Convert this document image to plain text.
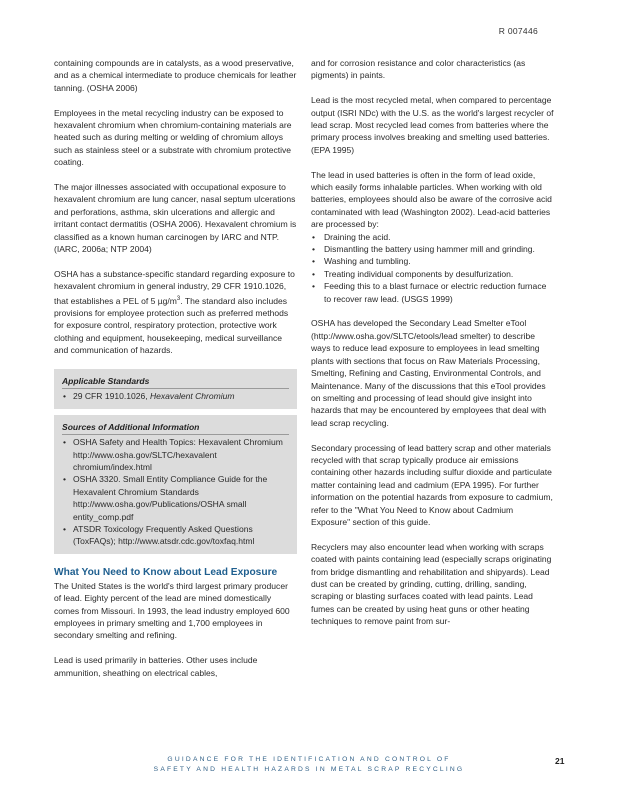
R 007446

containing compounds are in catalysts, as a wood preservative, and as a chemical intermediate to produce chemicals for leather tanning. (OSHA 2006)

Employees in the metal recycling industry can be exposed to hexavalent chromium when chromium-containing materials are heated such as during melting or welding of chromium alloys such as stainless steel or a substrate with chromium protective coating.

The major illnesses associated with occupational exposure to hexavalent chromium are lung cancer, nasal septum ulcerations and perforations, asthma, skin ulcerations and allergic and irritant contact dermatitis (OSHA 2006). Hexavalent chromium is classified as a known human carcinogen by IARC and NTP. (IARC, 2006a; NTP 2004)

OSHA has a substance-specific standard regarding exposure to hexavalent chromium in general industry, 29 CFR 1910.1026, that establishes a PEL of 5 $\mu g/m^3$. The standard also includes provisions for employee protection such as preferred methods for exposure control, respiratory protection, protective work clothing and equipment, housekeeping, medical surveillance and communication of hazards.

Applicable Standards
• 29 CFR 1910.1026, Hexavalent Chromium
Sources of Additional Information
• OSHA Safety and Health Topics: Hexavalent Chromium http://www.osha.gov/SLTC/hexavalent chromium/index.html
• OSHA 3320. Small Entity Compliance Guide for the Hexavalent Chromium Standards http://www.osha.gov/Publications/OSHA small entity_comp.pdf
• ATSDR Toxicology Frequently Asked Questions (ToxFAQs); http://www.atsdr.cdc.gov/toxfaq.html
What You Need to Know about Lead Exposure

The United States is the world's third largest primary producer of lead. Eighty percent of the lead are mined domestically comes from Missouri. In 1993, the lead industry employed 600 employees in primary smelting and 1,700 employees in secondary smelting and refining.

Lead is used primarily in batteries. Other uses include ammunition, sheathing on electrical cables,

and for corrosion resistance and color characteristics (as pigments) in paints.

Lead is the most recycled metal, when compared to percentage output (ISRI NDc) with the U.S. as the world's largest recycler of lead scrap. Most recycled lead comes from batteries where the primary process involves breaking and smelting used batteries. (EPA 1995)

The lead in used batteries is often in the form of lead oxide, which easily forms inhalable particles. When working with old batteries, employees should also be aware of the corrosive acid contaminated with lead (Washington 2002). Lead-acid batteries are processed by:

• Draining the acid.
• Dismantling the battery using hammer mill and grinding.
• Washing and tumbling.
• Treating individual components by desulfurization.
• Feeding this to a blast furnace or electric reduction furnace to recover raw lead. (USGS 1999)

OSHA has developed the Secondary Lead Smelter eTool (http://www.osha.gov/SLTC/etools/lead smelter) to describe ways to reduce lead exposure to employees in lead smelting plants with sections that focus on Raw Materials Processing, Smelting, Refining and Casting, Environmental Controls, and Maintenance. Many of the discussions that this eTool provides on smelting and processing of lead should give insight into hazards that may be encountered by employees that deal with lead scrap recycling.

Secondary processing of lead battery scrap and other materials recycled with that scrap typically produce air emissions containing other hazards including sulfur dioxide and particulate matter containing lead and cadmium (EPA 1995). For further information on the potential hazards from exposure to cadmium, refer to the "What You Need to Know about Cadmium Exposure" section of this guide.

Recyclers may also encounter lead when working with scraps coated with paints containing lead (especially scraps originating from bridge dismantling and rehabilitation and shipyards). Lead dust can be created by grinding, cutting, drilling, sanding, scraping or blasting surfaces coated with lead paints. Lead fumes can be created by using heat guns or other heating techniques to remove paint from sur-

GUIDANCE FOR THE IDENTIFICATION AND CONTROL OF
SAFETY AND HEALTH HAZARDS IN METAL SCRAP RECYCLING
21
